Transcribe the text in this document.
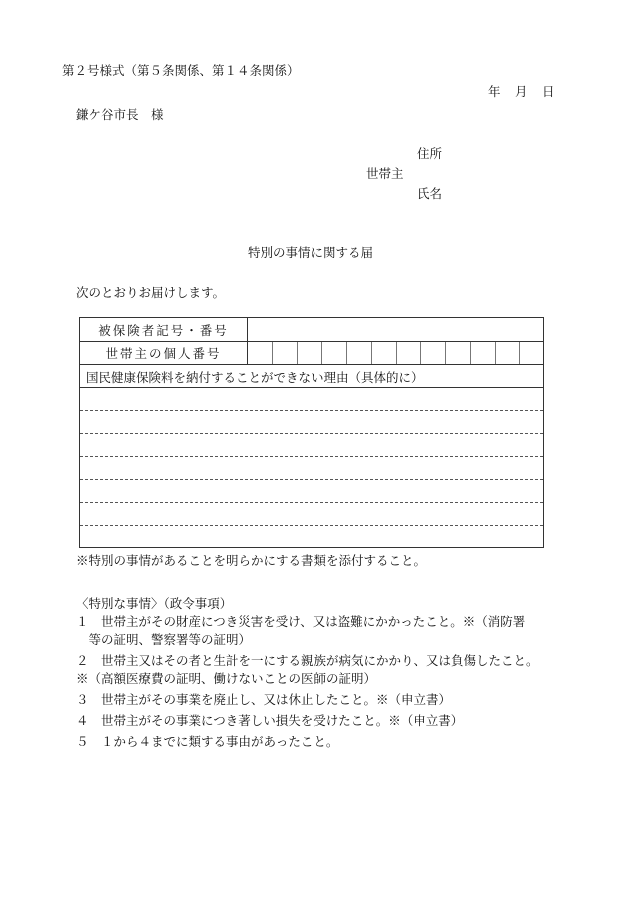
第２号様式（第５条関係、第１４条関係）
年　月　日
鎌ケ谷市長　様
住所
世帯主
氏名
特別の事情に関する届
次のとおりお届けします。
被保険者記号・番号
世帯主の個人番号
国民健康保険料を納付することができない理由（具体的に）
※特別の事情があることを明らかにする書類を添付すること。
〈特別な事情〉（政令事項）
１　世帯主がその財産につき災害を受け、又は盗難にかかったこと。※（消防署
　等の証明、警察署等の証明）
２　世帯主又はその者と生計を一にする親族が病気にかかり、又は負傷したこと。
※（高額医療費の証明、働けないことの医師の証明）
３　世帯主がその事業を廃止し、又は休止したこと。※（申立書）
４　世帯主がその事業につき著しい損失を受けたこと。※（申立書）
５　１から４までに類する事由があったこと。
